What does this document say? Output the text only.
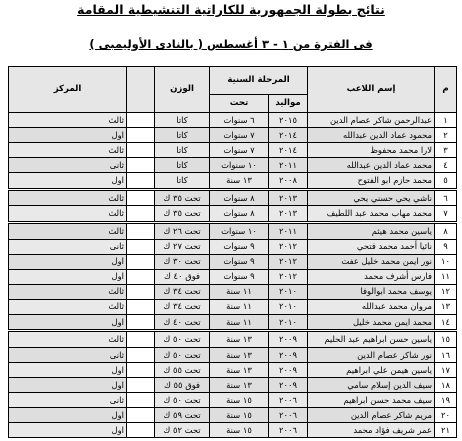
نتائج بطولة الجمهورية للكاراتية التنشيطية المقامة
فى الفترة من ١ - ٣ أغسطس ( بالنادى الأوليمبى )
م	إسم اللاعب	المرحلة السنية		الوزن		المركز
		مواليد	تحت			
١	عبدالرحمن شاكر عصام الدين	٢٠١٥	٦ سنوات	كاتا		ثالث
٢	محمود عماد الدين عبدالله	٢٠١٤	٧ سنوات	كاتا		اول
٣	لارا محمد محفوظ	٢٠١٤	٧ سنوات	كاتا		ثالث
٤	محمد عماد الدين عبدالله	٢٠١١	١٠ سنوات	كاتا		ثانى
٥	محمد حازم ابو الفتوح	٢٠٠٨	١٣ سنة	كاتا		اول
٦	ناشي يحي حسني يحي	٢٠١٣	٨ سنوات	تحت ٣٥ ك		ثالث
٧	محمد مهاب محمد عبد اللطيف	٢٠١٣	٨ سنوات	تحت ٣٥ ك		ثالث
٨	ياسين محمد هيثم	٢٠١١	١٠ سنوات	تحت ٢٦ ك		ثالث
٩	نائيا أحمد محمد فتحي	٢٠١٢	٩ سنوات	تحت ٢٧ ك		ثانى
١٠	نور ايمن محمد خليل عفت	٢٠١٢	٩ سنوات	تحت ٣٠ ك		اول
١١	فارس أشرف محمد	٢٠١٢	٩ سنوات	فوق ٤٠ ك		اول
١٢	يوسف محمد ابوالوفا	٢٠١٠	١١ سنة	تحت ٣٤ ك		ثالث
١٣	مروان محمد عبدالله	٢٠١٠	١١ سنة	تحت ٣٤ ك		ثالث
١٤	محمد ايمن محمد خليل	٢٠١٠	١١ سنة	تحت ٤٠ ك		اول
١٥	ياسين حسن ابراهيم عبد الحليم	٢٠٠٩	١٣ سنة	تحت ٥٠ ك		ثالث
١٦	نور شاكر عصام الدين	٢٠٠٩	١٣ سنة	تحت ٥٠ ك		ثانى
١٧	ياسين هيمن علي ابراهيم	٢٠٠٩	١٣ سنة	تحت ٥٥ ك		اول
١٨	سيف الدين إسلام سامي	٢٠٠٩	١٣ سنة	فوق ٥٥ ك		اول
١٩	سيف محمد حسن ابراهيم	٢٠٠٦	١٥ سنة	تحت ٥٠ ك		ثانى
٢٠	مريم شاكر عصام الدين	٢٠٠٦	١٥ سنة	تحت ٥٩ ك		اول
٢١	عمر شريف فؤاد محمد	٢٠٠٦	١٥ سنة	تحت ٥٢ ك		اول
